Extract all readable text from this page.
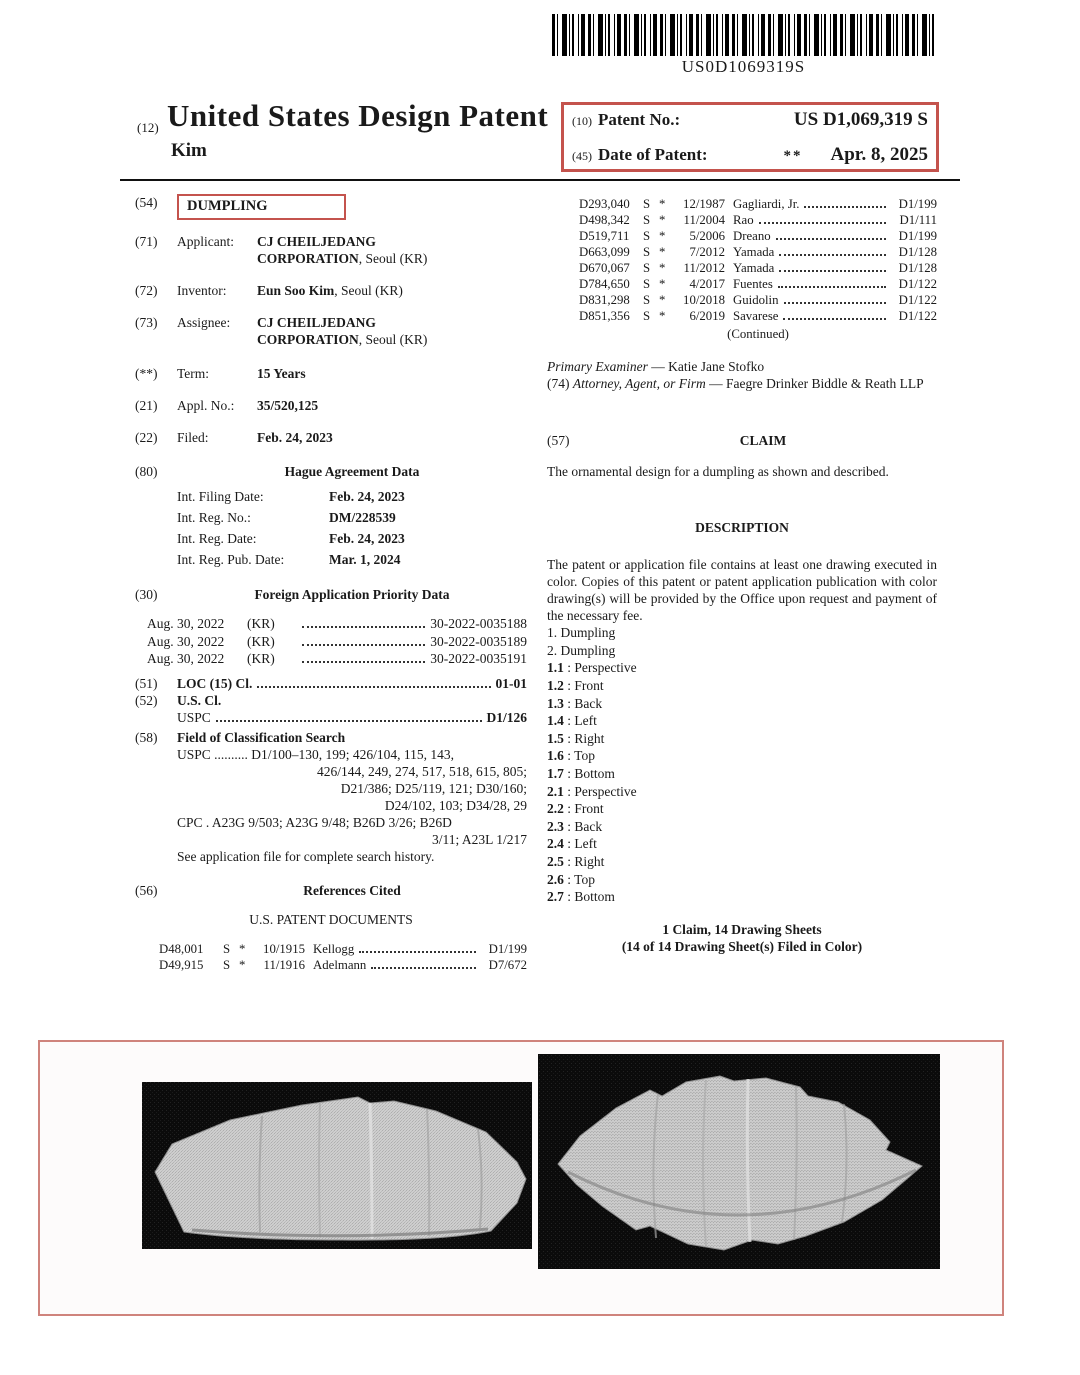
US0D1069319S
(12) United States Design Patent
Kim
(10) Patent No.:	US D1,069,319 S
(45) Date of Patent:	** Apr. 8, 2025
(54)	DUMPLING
(71)	Applicant:	CJ CHEILJEDANG
CORPORATION, Seoul (KR)
(72)	Inventor:	Eun Soo Kim, Seoul (KR)
(73)	Assignee:	CJ CHEILJEDANG
CORPORATION, Seoul (KR)
(**)	Term:	15 Years
(21)	Appl. No.:	35/520,125
(22)	Filed:	Feb. 24, 2023
(80)	Hague Agreement Data
Int. Filing Date:	Feb. 24, 2023
Int. Reg. No.:	DM/228539
Int. Reg. Date:	Feb. 24, 2023
Int. Reg. Pub. Date:	Mar. 1, 2024
(30)	Foreign Application Priority Data
Aug. 30, 2022	(KR)	30-2022-0035188
Aug. 30, 2022	(KR)	30-2022-0035189
Aug. 30, 2022	(KR)	30-2022-0035191
(51)	LOC (15) Cl.	01-01
(52)	U.S. Cl.
USPC	D1/126
(58)	Field of Classification Search
USPC .......... D1/100–130, 199; 426/104, 115, 143,
426/144, 249, 274, 517, 518, 615, 805;
D21/386; D25/119, 121; D30/160;
D24/102, 103; D34/28, 29
CPC . A23G 9/503; A23G 9/48; B26D 3/26; B26D
3/11; A23L 1/217
See application file for complete search history.
(56)	References Cited
U.S. PATENT DOCUMENTS
D48,001	S *	10/1915 Kellogg	D1/199
D49,915	S *	11/1916 Adelmann	D7/672
D293,040	S *	12/1987 Gagliardi, Jr.	D1/199
D498,342	S *	11/2004 Rao	D1/111
D519,711	S *	5/2006 Dreano	D1/199
D663,099	S *	7/2012 Yamada	D1/128
D670,067	S *	11/2012 Yamada	D1/128
D784,650	S *	4/2017 Fuentes	D1/122
D831,298	S *	10/2018 Guidolin	D1/122
D851,356	S *	6/2019 Savarese	D1/122
(Continued)
Primary Examiner — Katie Jane Stofko
(74) Attorney, Agent, or Firm — Faegre Drinker Biddle & Reath LLP
(57)	CLAIM
The ornamental design for a dumpling as shown and described.
DESCRIPTION
The patent or application file contains at least one drawing executed in color. Copies of this patent or patent application publication with color drawing(s) will be provided by the Office upon request and payment of the necessary fee.
1. Dumpling
2. Dumpling
1.1 : Perspective
1.2 : Front
1.3 : Back
1.4 : Left
1.5 : Right
1.6 : Top
1.7 : Bottom
2.1 : Perspective
2.2 : Front
2.3 : Back
2.4 : Left
2.5 : Right
2.6 : Top
2.7 : Bottom
1 Claim, 14 Drawing Sheets
(14 of 14 Drawing Sheet(s) Filed in Color)
